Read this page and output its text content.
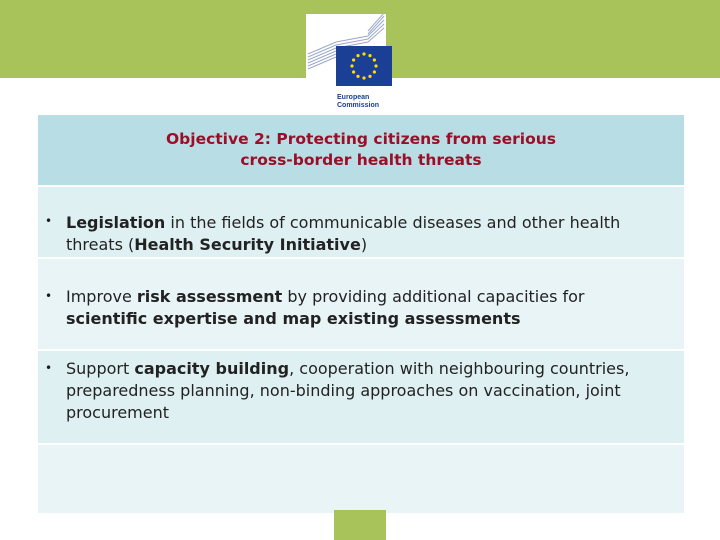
European
Commission
Objective 2: Protecting citizens from serious
cross-border health threats
• Legislation in the fields of communicable diseases and other health threats (Health Security Initiative)
• Improve risk assessment by providing additional capacities for scientific expertise and map existing assessments
• Support capacity building, cooperation with neighbouring countries, preparedness planning, non-binding approaches on vaccination, joint procurement
